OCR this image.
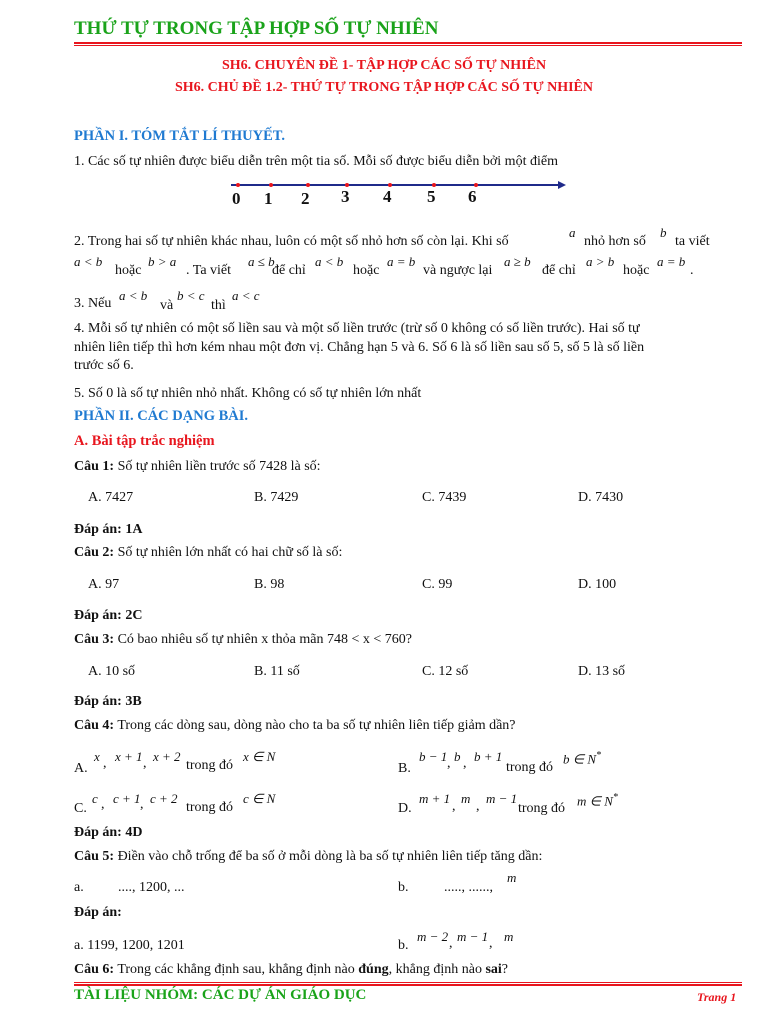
THỨ TỰ TRONG TẬP HỢP SỐ TỰ NHIÊN
SH6. CHUYÊN ĐỀ 1- TẬP HỢP CÁC SỐ TỰ NHIÊN
SH6. CHỦ ĐỀ 1.2- THỨ TỰ TRONG TẬP HỢP CÁC SỐ TỰ NHIÊN
PHẦN I. TÓM TẮT LÍ THUYẾT.
1. Các số tự nhiên được biểu diễn trên một tia số. Mỗi số được biểu diễn bởi một điểm
0 1 2 3 4 5 6
2. Trong hai số tự nhiên khác nhau, luôn có một số nhỏ hơn số còn lại. Khi số
a
nhỏ hơn số
b
ta viết
a < b
hoặc
b > a
. Ta viết
a ≤ b
để chỉ
a < b
hoặc
a = b
và ngược lại
a ≥ b
để chỉ
a > b
hoặc
a = b
.
3. Nếu
a < b
và
b < c
thì
a < c
4. Mỗi số tự nhiên có một số liền sau và một số liền trước (trừ số 0 không có số liền trước). Hai số tự
nhiên liên tiếp thì hơn kém nhau một đơn vị. Chẳng hạn 5 và 6. Số 6 là số liền sau số 5, số 5 là số liền
trước số 6.
5. Số 0 là số tự nhiên nhỏ nhất. Không có số tự nhiên lớn nhất
PHẦN II. CÁC DẠNG BÀI.
A. Bài tập trắc nghiệm
Câu 1: Số tự nhiên liền trước số 7428 là số:
A. 7427	B. 7429	C. 7439	D. 7430
Đáp án: 1A
Câu 2: Số tự nhiên lớn nhất có hai chữ số là số:
A. 97	B. 98	C. 99	D. 100
Đáp án: 2C
Câu 3: Có bao nhiêu số tự nhiên x thỏa mãn 748 < x < 760?
A. 10 số	B. 11 số	C. 12 số	D. 13 số
Đáp án: 3B
Câu 4: Trong các dòng sau, dòng nào cho ta ba số tự nhiên liên tiếp giảm dần?
A.
x , x + 1 , x + 2
trong đó
x ∈ N
B.
b − 1 , b , b + 1
trong đó
b ∈ N*
C.
c , c + 1 , c + 2
trong đó
c ∈ N
D.
m + 1
,
m
,
m − 1
trong đó
m ∈ N*
Đáp án: 4D
Câu 5: Điền vào chỗ trống để ba số ở mỗi dòng là ba số tự nhiên liên tiếp tăng dần:
a. ...., 1200, ...	b.	....., ......,
m
Đáp án:
a. 1199, 1200, 1201	b.
m − 2 , m − 1 , m
Câu 6: Trong các khẳng định sau, khẳng định nào đúng, khẳng định nào sai?
TÀI LIỆU NHÓM: CÁC DỰ ÁN GIÁO DỤC	Trang 1
